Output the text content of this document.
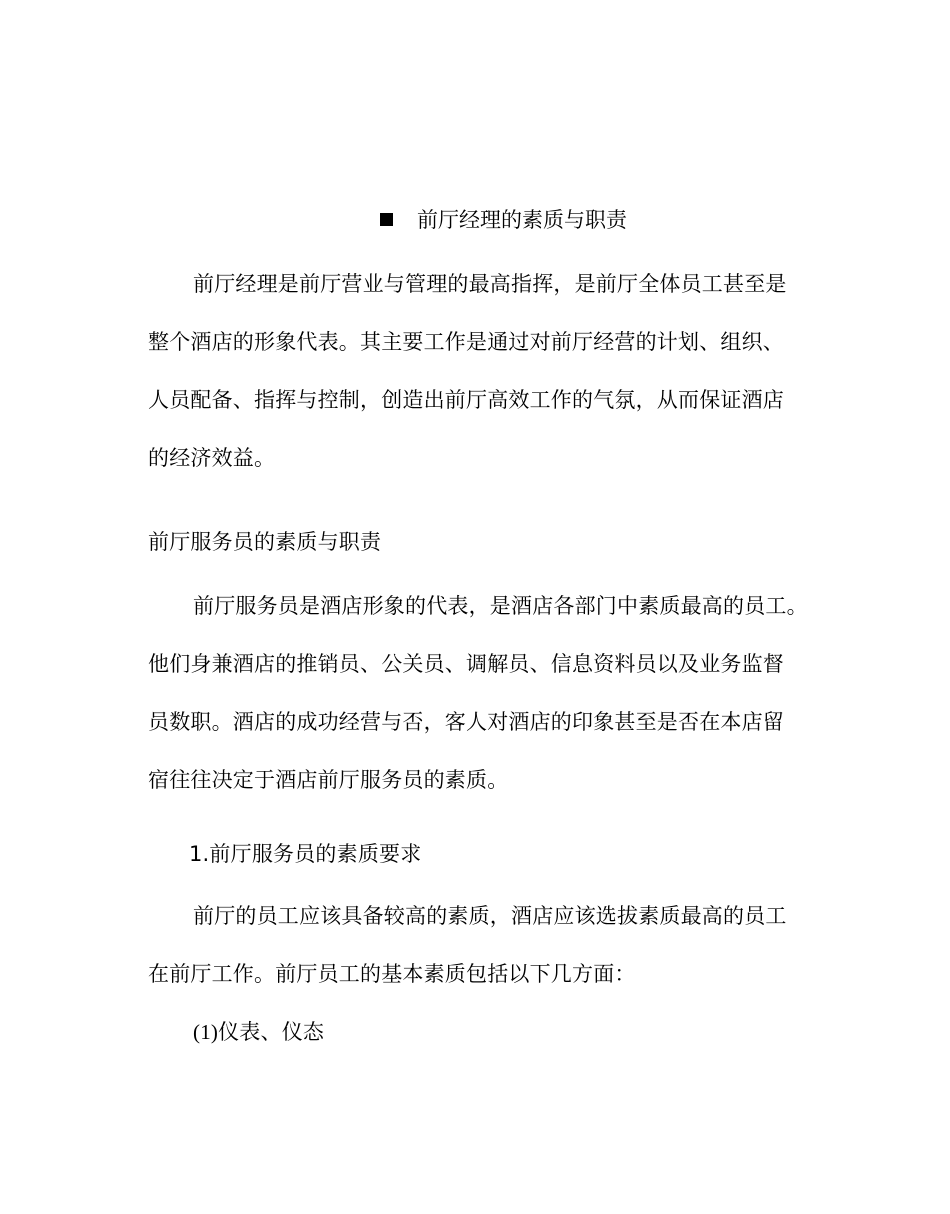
前厅经理的素质与职责
前厅经理是前厅营业与管理的最高指挥，是前厅全体员工甚至是
整个酒店的形象代表。其主要工作是通过对前厅经营的计划、组织、
人员配备、指挥与控制，创造出前厅高效工作的气氛，从而保证酒店
的经济效益。
前厅服务员的素质与职责
前厅服务员是酒店形象的代表，是酒店各部门中素质最高的员工。
他们身兼酒店的推销员、公关员、调解员、信息资料员以及业务监督
员数职。酒店的成功经营与否，客人对酒店的印象甚至是否在本店留
宿往往决定于酒店前厅服务员的素质。
1.前厅服务员的素质要求
前厅的员工应该具备较高的素质，酒店应该选拔素质最高的员工
在前厅工作。前厅员工的基本素质包括以下几方面：
(1)仪表、仪态
